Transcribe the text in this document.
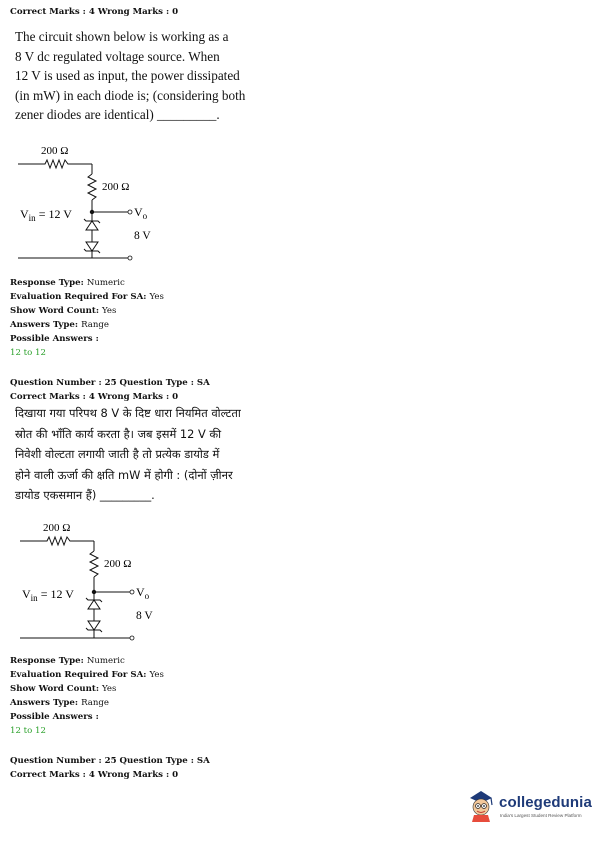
Correct Marks : 4 Wrong Marks : 0
The circuit shown below is working as a
8 V dc regulated voltage source. When
12 V is used as input, the power dissipated
(in mW) in each diode is; (considering both
zener diodes are identical) _________.
200 Ω
200 Ω
$V_{in} = 12$ V	$V_o$
8 V
Response Type: Numeric
Evaluation Required For SA: Yes
Show Word Count: Yes
Answers Type: Range
Possible Answers :
12 to 12
Question Number : 25 Question Type : SA
Correct Marks : 4 Wrong Marks : 0
दिखाया गया परिपथ 8 V के दिष्ट धारा नियमित वोल्टता
स्रोत की भाँति कार्य करता है। जब इसमें 12 V की
निवेशी वोल्टता लगायी जाती है तो प्रत्येक डायोड में
होने वाली ऊर्जा की क्षति mW में होगी : (दोनों ज़ीनर
डायोड एकसमान हैं) _________.
200 Ω
200 Ω
$V_{in} = 12$ V	$V_o$
8 V
Response Type: Numeric
Evaluation Required For SA: Yes
Show Word Count: Yes
Answers Type: Range
Possible Answers :
12 to 12
Question Number : 25 Question Type : SA
Correct Marks : 4 Wrong Marks : 0
collegedunia
India's Largest Student Review Platform
